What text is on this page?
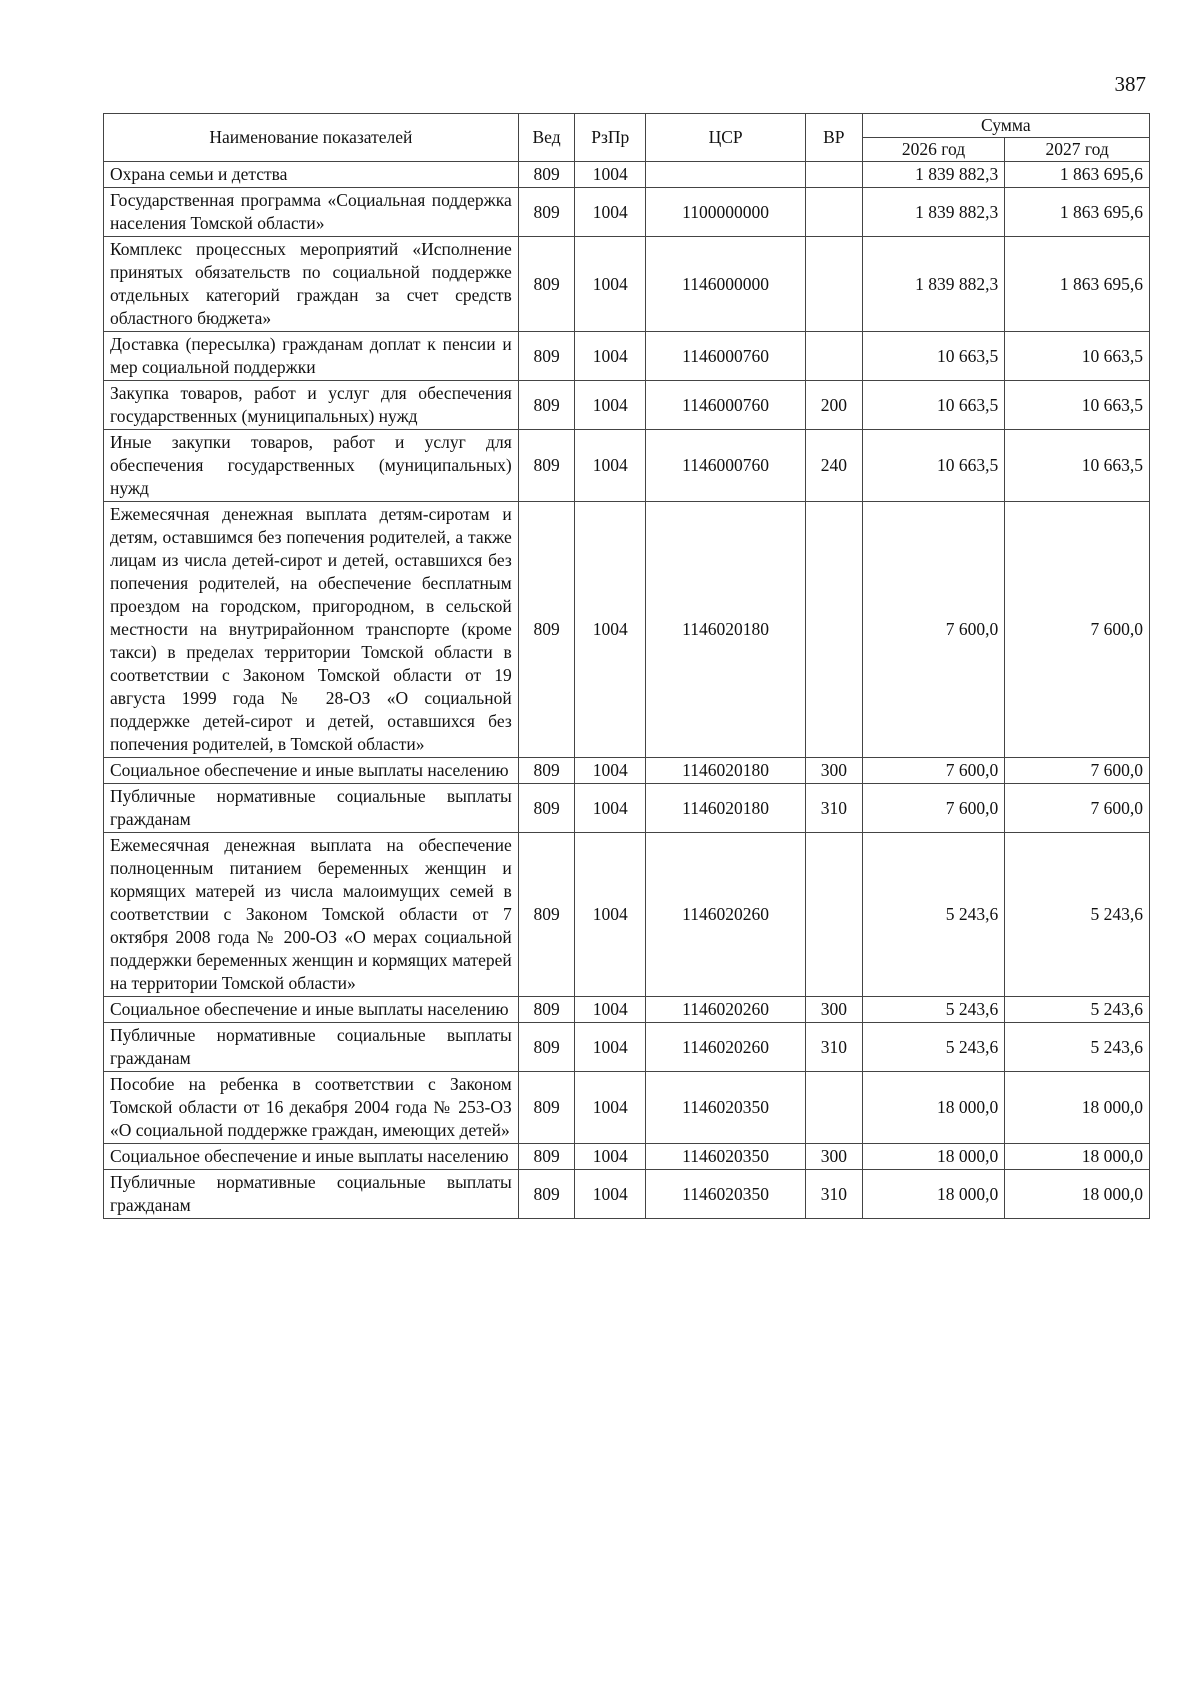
387
Наименование показателей	Вед	РзПр	ЦСР	ВР	Сумма	
					2026 год	2027 год
Охрана семьи и детства	809	1004			1 839 882,3	1 863 695,6
Государственная программа «Социальная поддержка населения Томской области»	809	1004	1100000000		1 839 882,3	1 863 695,6
Комплекс процессных мероприятий «Исполнение принятых обязательств по социальной поддержке отдельных категорий граждан за счет средств областного бюджета»	809	1004	1146000000		1 839 882,3	1 863 695,6
Доставка (пересылка) гражданам доплат к пенсии и мер социальной поддержки	809	1004	1146000760		10 663,5	10 663,5
Закупка товаров, работ и услуг для обеспечения государственных (муниципальных) нужд	809	1004	1146000760	200	10 663,5	10 663,5
Иные закупки товаров, работ и услуг для обеспечения государственных (муниципальных) нужд	809	1004	1146000760	240	10 663,5	10 663,5
Ежемесячная денежная выплата детям-сиротам и детям, оставшимся без попечения родителей, а также лицам из числа детей-сирот и детей, оставшихся без попечения родителей, на обеспечение бесплатным проездом на городском, пригородном, в сельской местности на внутрирайонном транспорте (кроме такси) в пределах территории Томской области в соответствии с Законом Томской области от 19 августа 1999 года № 28-ОЗ «О социальной поддержке детей-сирот и детей, оставшихся без попечения родителей, в Томской области»	809	1004	1146020180		7 600,0	7 600,0
Социальное обеспечение и иные выплаты населению	809	1004	1146020180	300	7 600,0	7 600,0
Публичные нормативные социальные выплаты гражданам	809	1004	1146020180	310	7 600,0	7 600,0
Ежемесячная денежная выплата на обеспечение полноценным питанием беременных женщин и кормящих матерей из числа малоимущих семей в соответствии с Законом Томской области от 7 октября 2008 года № 200-ОЗ «О мерах социальной поддержки беременных женщин и кормящих матерей на территории Томской области»	809	1004	1146020260		5 243,6	5 243,6
Социальное обеспечение и иные выплаты населению	809	1004	1146020260	300	5 243,6	5 243,6
Публичные нормативные социальные выплаты гражданам	809	1004	1146020260	310	5 243,6	5 243,6
Пособие на ребенка в соответствии с Законом Томской области от 16 декабря 2004 года № 253-ОЗ «О социальной поддержке граждан, имеющих детей»	809	1004	1146020350		18 000,0	18 000,0
Социальное обеспечение и иные выплаты населению	809	1004	1146020350	300	18 000,0	18 000,0
Публичные нормативные социальные выплаты гражданам	809	1004	1146020350	310	18 000,0	18 000,0
